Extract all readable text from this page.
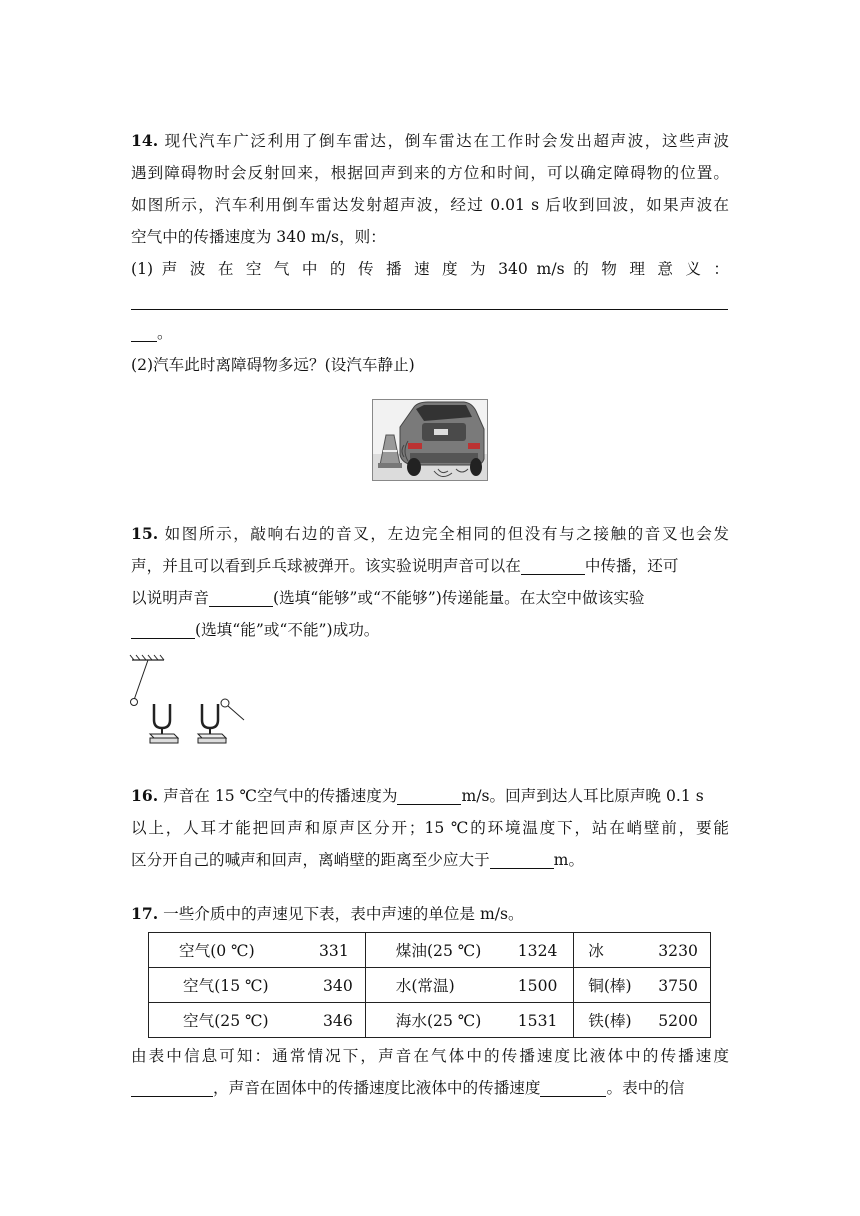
14. 现代汽车广泛利用了倒车雷达，倒车雷达在工作时会发出超声波，这些声波
遇到障碍物时会反射回来，根据回声到来的方位和时间，可以确定障碍物的位置。
如图所示，汽车利用倒车雷达发射超声波，经过 0.01 s 后收到回波，如果声波在
空气中的传播速度为 340 m/s，则：
(1) 声 波 在 空 气 中 的 传 播 速 度 为 340 m/s 的 物 理 意 义 ：
。
(2)汽车此时离障碍物多远？(设汽车静止)
15. 如图所示，敲响右边的音叉，左边完全相同的但没有与之接触的音叉也会发
声，并且可以看到乒乓球被弹开。该实验说明声音可以在	中传播，还可
以说明声音	(选填“能够”或“不能够”)传递能量。在太空中做该实验
(选填“能”或“不能”)成功。
16. 声音在 15 ℃空气中的传播速度为	m/s。回声到达人耳比原声晚 0.1 s
以上，人耳才能把回声和原声区分开；15 ℃的环境温度下，站在峭壁前，要能
区分开自己的喊声和回声，离峭壁的距离至少应大于	m。
17. 一些介质中的声速见下表，表中声速的单位是 m/s。
空气(0 ℃) 331	煤油(25 ℃) 1324	冰 3230
空气(15 ℃) 340	水(常温) 1500	铜(棒) 3750
空气(25 ℃) 346	海水(25 ℃) 1531	铁(棒) 5200
由表中信息可知：通常情况下，声音在气体中的传播速度比液体中的传播速度
，声音在固体中的传播速度比液体中的传播速度	。表中的信
